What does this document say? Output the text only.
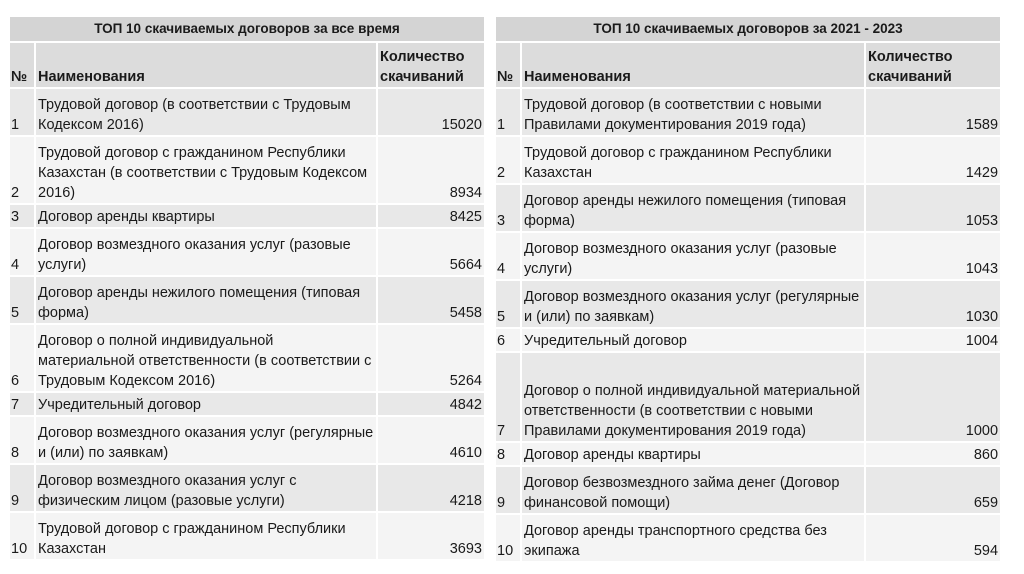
ТОП 10 скачиваемых договоров за все время		
№	Наименования	Количество скачиваний
1	Трудовой договор (в соответствии с Трудовым Кодексом 2016)	15020
2	Трудовой договор с гражданином Республики Казахстан (в соответствии с Трудовым Кодексом 2016)	8934
3	Договор аренды квартиры	8425
4	Договор возмездного оказания услуг (разовые услуги)	5664
5	Договор аренды нежилого помещения (типовая форма)	5458
6	Договор о полной индивидуальной материальной ответственности (в соответствии с Трудовым Кодексом 2016)	5264
7	Учредительный договор	4842
8	Договор возмездного оказания услуг (регулярные и (или) по заявкам)	4610
9	Договор возмездного оказания услуг с физическим лицом (разовые услуги)	4218
10	Трудовой договор с гражданином Республики Казахстан	3693
ТОП 10 скачиваемых договоров за 2021 - 2023		
№	Наименования	Количество скачиваний
1	Трудовой договор (в соответствии с новыми Правилами документирования 2019 года)	1589
2	Трудовой договор с гражданином Республики Казахстан	1429
3	Договор аренды нежилого помещения (типовая форма)	1053
4	Договор возмездного оказания услуг (разовые услуги)	1043
5	Договор возмездного оказания услуг (регулярные и (или) по заявкам)	1030
6	Учредительный договор	1004
7	Договор о полной индивидуальной материальной ответственности (в соответствии с новыми Правилами документирования 2019 года)	1000
8	Договор аренды квартиры	860
9	Договор безвозмездного займа денег (Договор финансовой помощи)	659
10	Договор аренды транспортного средства без экипажа	594
